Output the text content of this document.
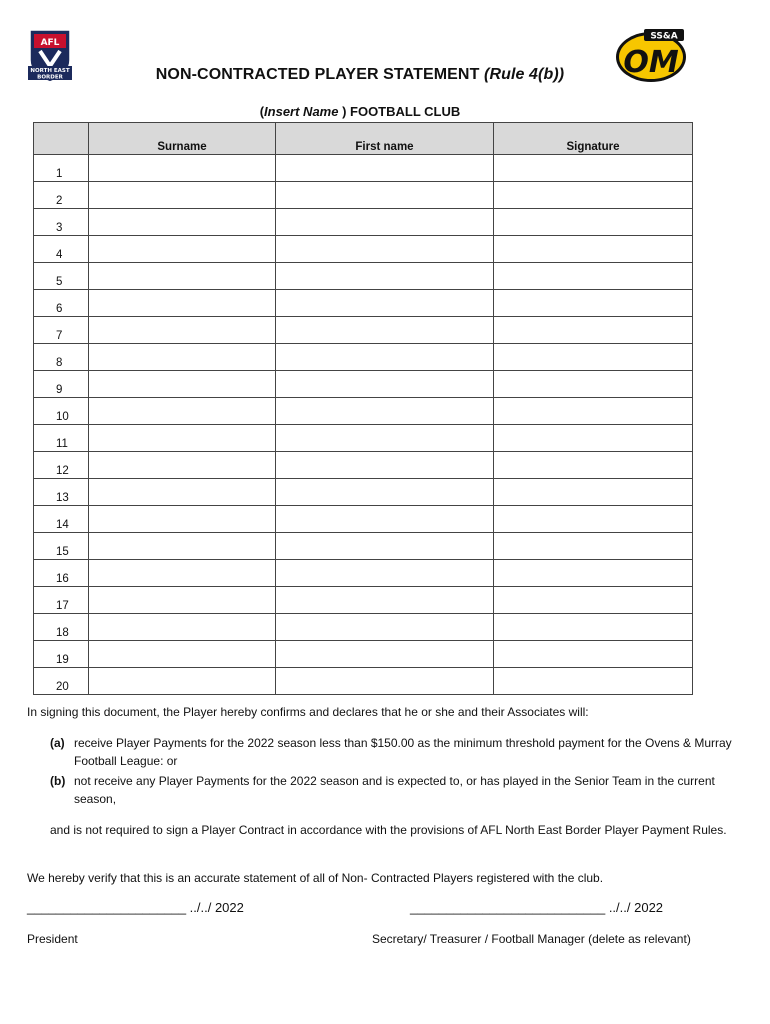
AFL
NORTH EAST
BORDER
SS&A
OM
NON-CONTRACTED PLAYER STATEMENT (Rule 4(b))
(Insert Name ) FOOTBALL CLUB
	Surname	First name	Signature
1			
2			
3			
4			
5			
6			
7			
8			
9			
10			
11			
12			
13			
14			
15			
16			
17			
18			
19			
20			
In signing this document, the Player hereby confirms and declares that he or she and their Associates will:
(a) receive Player Payments for the 2022 season less than $150.00 as the minimum threshold payment for the Ovens & Murray Football League: or
(b) not receive any Player Payments for the 2022 season and is expected to, or has played in the Senior Team in the current season,
and is not required to sign a Player Contract in accordance with the provisions of AFL North East Border Player Payment Rules.
We hereby verify that this is an accurate statement of all of Non- Contracted Players registered with the club.
______________________ ../../ 2022	___________________________ ../../ 2022
President	Secretary/ Treasurer / Football Manager (delete as relevant)
